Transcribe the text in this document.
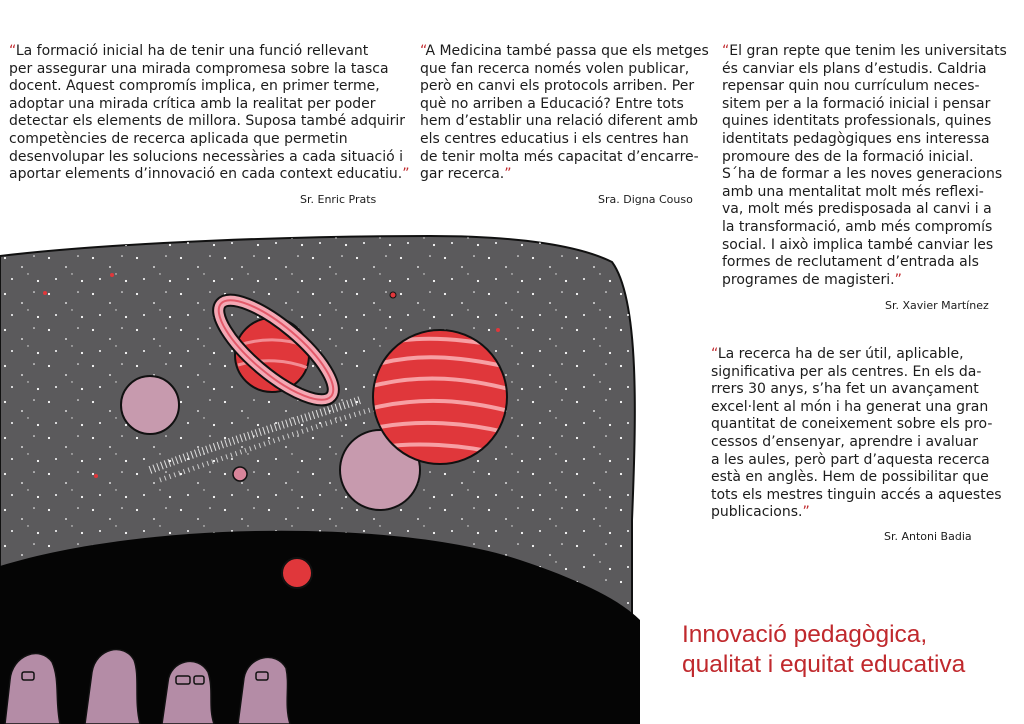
“La formació inicial ha de tenir una funció rellevant
per assegurar una mirada compromesa sobre la tasca
docent. Aquest compromís implica, en primer terme,
adoptar una mirada crítica amb la realitat per poder
detectar els elements de millora. Suposa també adquirir
competències de recerca aplicada que permetin
desenvolupar les solucions necessàries a cada situació i
aportar elements d’innovació en cada context educatiu.”
Sr. Enric Prats
“A Medicina també passa que els metges
que fan recerca només volen publicar,
però en canvi els protocols arriben. Per
què no arriben a Educació? Entre tots
hem d’establir una relació diferent amb
els centres educatius i els centres han
de tenir molta més capacitat d’encarre-
gar recerca.”
Sra. Digna Couso
“El gran repte que tenim les universitats
és canviar els plans d’estudis. Caldria
repensar quin nou currículum neces-
sitem per a la formació inicial i pensar
quines identitats professionals, quines
identitats pedagògiques ens interessa
promoure des de la formació inicial.
S´ha de formar a les noves generacions
amb una mentalitat molt més reflexi-
va, molt més predisposada al canvi i a
la transformació, amb més compromís
social. I això implica també canviar les
formes de reclutament d’entrada als
programes de magisteri.”
Sr. Xavier Martínez
“La recerca ha de ser útil, aplicable,
significativa per als centres. En els da-
rrers 30 anys, s’ha fet un avançament
excel·lent al món i ha generat una gran
quantitat de coneixement sobre els pro-
cessos d’ensenyar, aprendre i avaluar
a les aules, però part d’aquesta recerca
està en anglès. Hem de possibilitar que
tots els mestres tinguin accés a aquestes
publicacions.”
Sr. Antoni Badia
Innovació pedagògica,
qualitat i equitat educativa
